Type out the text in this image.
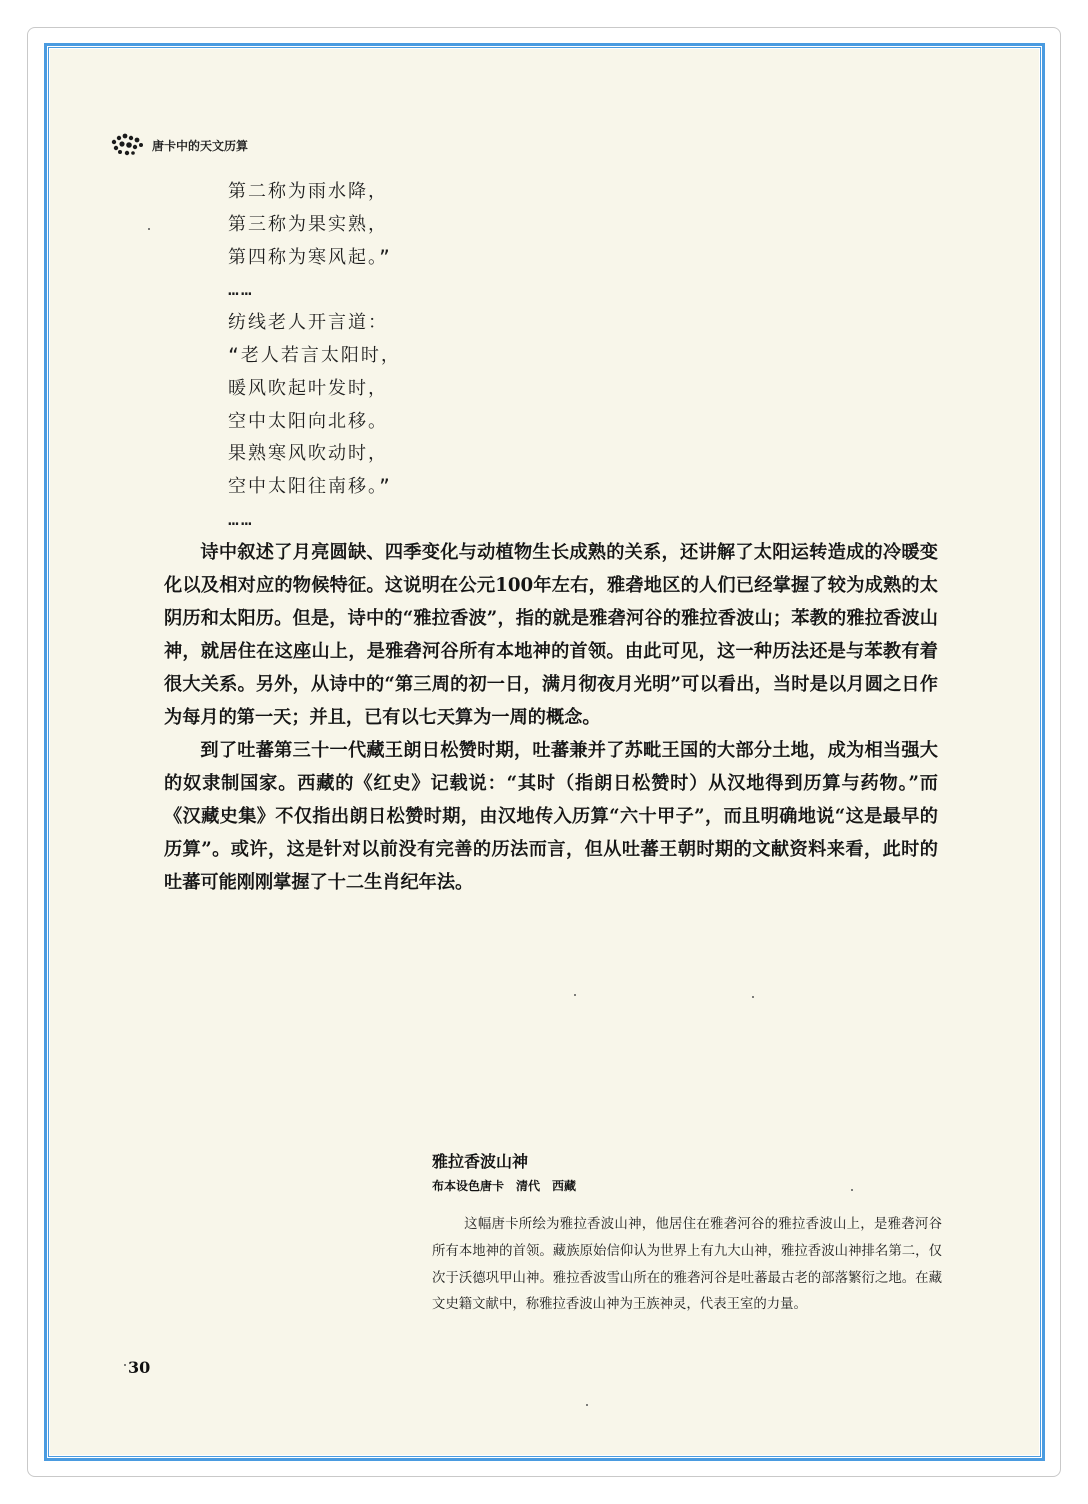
唐卡中的天文历算
第二称为雨水降，
第三称为果实熟，
第四称为寒风起。”
……
纺线老人开言道：
“老人若言太阳时，
暖风吹起叶发时，
空中太阳向北移。
果熟寒风吹动时，
空中太阳往南移。”
……

诗中叙述了月亮圆缺、四季变化与动植物生长成熟的关系，还讲解了太阳运转造成的冷暖变化以及相对应的物候特征。这说明在公元100年左右，雅砻地区的人们已经掌握了较为成熟的太阴历和太阳历。但是，诗中的“雅拉香波”，指的就是雅砻河谷的雅拉香波山；苯教的雅拉香波山神，就居住在这座山上，是雅砻河谷所有本地神的首领。由此可见，这一种历法还是与苯教有着很大关系。另外，从诗中的“第三周的初一日，满月彻夜月光明”可以看出，当时是以月圆之日作为每月的第一天；并且，已有以七天算为一周的概念。

到了吐蕃第三十一代藏王朗日松赞时期，吐蕃兼并了苏毗王国的大部分土地，成为相当强大的奴隶制国家。西藏的《红史》记载说：“其时（指朗日松赞时）从汉地得到历算与药物。”而《汉藏史集》不仅指出朗日松赞时期，由汉地传入历算“六十甲子”，而且明确地说“这是最早的历算”。或许，这是针对以前没有完善的历法而言，但从吐蕃王朝时期的文献资料来看，此时的吐蕃可能刚刚掌握了十二生肖纪年法。

雅拉香波山神
布本设色唐卡　清代　西藏
这幅唐卡所绘为雅拉香波山神，他居住在雅砻河谷的雅拉香波山上，是雅砻河谷所有本地神的首领。藏族原始信仰认为世界上有九大山神，雅拉香波山神排名第二，仅次于沃德巩甲山神。雅拉香波雪山所在的雅砻河谷是吐蕃最古老的部落繁衍之地。在藏文史籍文献中，称雅拉香波山神为王族神灵，代表王室的力量。
30
